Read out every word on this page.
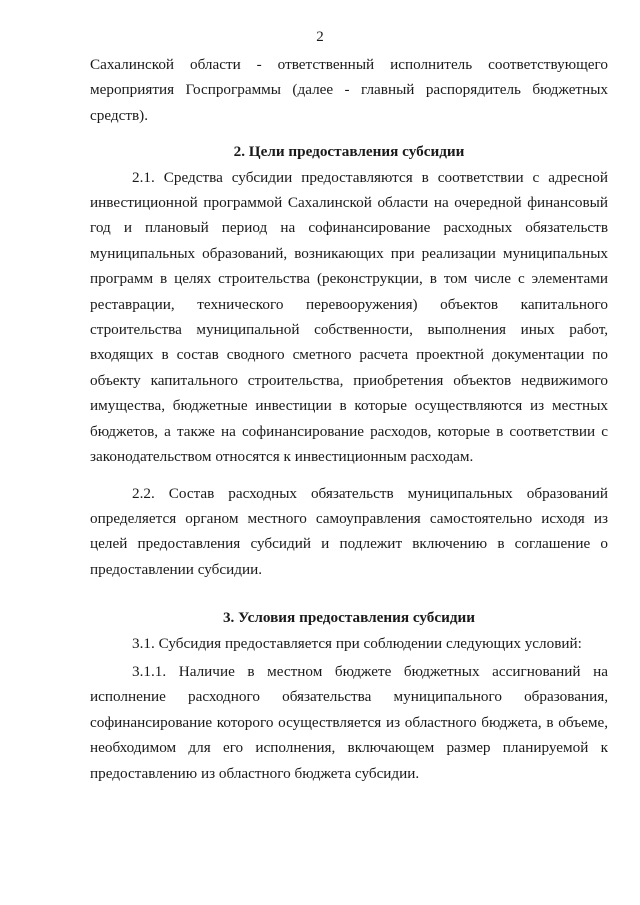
2

Сахалинской области - ответственный исполнитель соответствующего мероприятия Госпрограммы (далее - главный распорядитель бюджетных средств).

2. Цели предоставления субсидии

2.1. Средства субсидии предоставляются в соответствии с адресной инвестиционной программой Сахалинской области на очередной финансовый год и плановый период на софинансирование расходных обязательств муниципальных образований, возникающих при реализации муниципальных программ в целях строительства (реконструкции, в том числе с элементами реставрации, технического перевооружения) объектов капитального строительства муниципальной собственности, выполнения иных работ, входящих в состав сводного сметного расчета проектной документации по объекту капитального строительства, приобретения объектов недвижимого имущества, бюджетные инвестиции в которые осуществляются из местных бюджетов, а также на софинансирование расходов, которые в соответствии с законодательством относятся к инвестиционным расходам.

2.2. Состав расходных обязательств муниципальных образований определяется органом местного самоуправления самостоятельно исходя из целей предоставления субсидий и подлежит включению в соглашение о предоставлении субсидии.

3. Условия предоставления субсидии

3.1. Субсидия предоставляется при соблюдении следующих условий:

3.1.1. Наличие в местном бюджете бюджетных ассигнований на исполнение расходного обязательства муниципального образования, софинансирование которого осуществляется из областного бюджета, в объеме, необходимом для его исполнения, включающем размер планируемой к предоставлению из областного бюджета субсидии.
